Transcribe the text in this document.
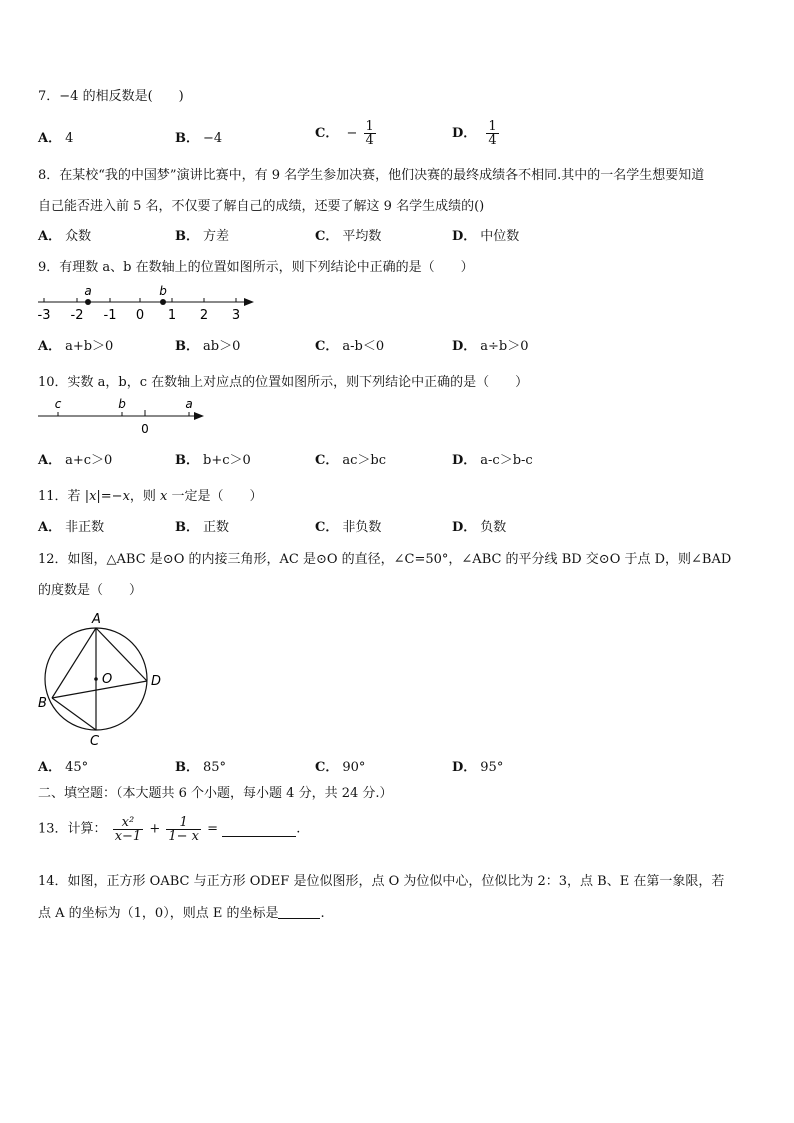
7．−4 的相反数是(　　)
A． 4	B． −4	C． − $\frac{1}{4}$	D． $\frac{1}{4}$
8．在某校“我的中国梦”演讲比赛中，有 9 名学生参加决赛，他们决赛的最终成绩各不相同.其中的一名学生想要知道
自己能否进入前 5 名，不仅要了解自己的成绩，还要了解这 9 名学生成绩的()
A． 众数	B． 方差	C． 平均数	D． 中位数
9．有理数 a、b 在数轴上的位置如图所示，则下列结论中正确的是（　　）
-3 -2 -1 0 1 2 3
a	b
A． a+b＞0	B． ab＞0	C． a-b＜0	D． a÷b＞0
10．实数 a，b，c 在数轴上对应点的位置如图所示，则下列结论中正确的是（　　）
c	b
0
a
A． a+c＞0	B． b+c＞0	C． ac＞bc	D． a-c＞b-c
11．若 |x|=−x，则 x 一定是（　　）
A． 非正数	B． 正数	C． 非负数	D． 负数
12．如图，△ABC 是⊙O 的内接三角形，AC 是⊙O 的直径，∠C=50°，∠ABC 的平分线 BD 交⊙O 于点 D，则∠BAD
的度数是（　　）
A
B
C
D
O
A． 45°	B． 85°	C． 90°	D． 95°
二、填空题：（本大题共 6 个小题，每小题 4 分，共 24 分.）
13．计算： $\frac{\text{x²}}{x-1} + \frac{1}{1- x}$ =	.
14．如图，正方形 OABC 与正方形 ODEF 是位似图形，点 O 为位似中心，位似比为 2：3，点 B、E 在第一象限，若
点 A 的坐标为（1，0），则点 E 的坐标是	.
